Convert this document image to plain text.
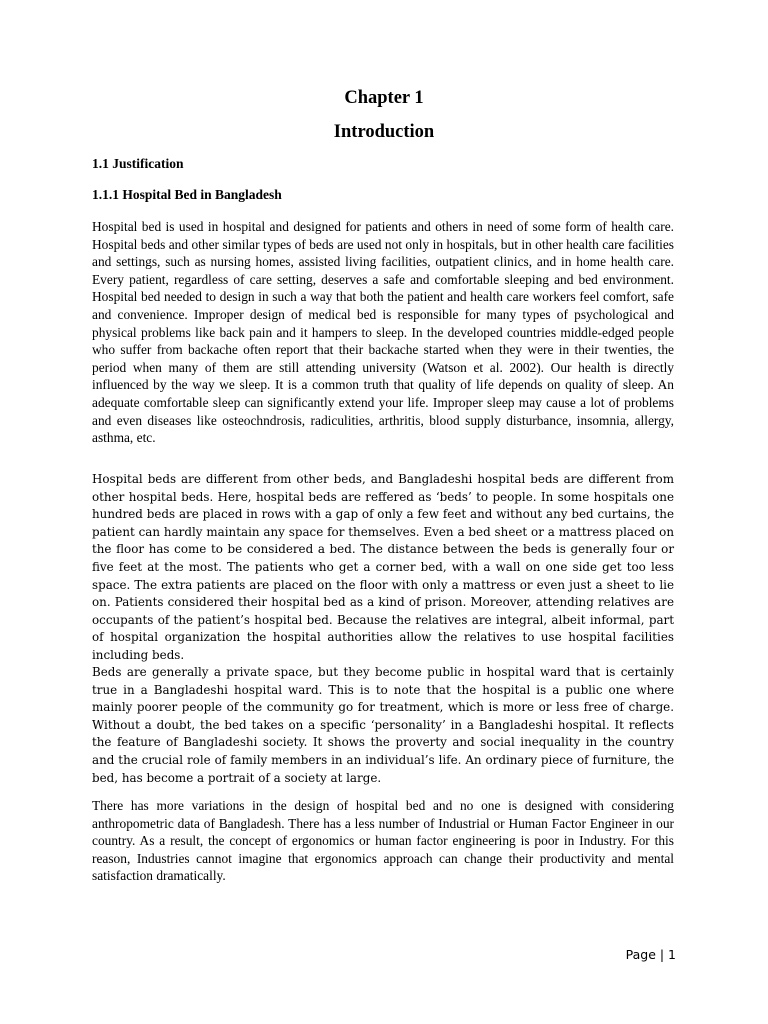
Chapter 1
Introduction
1.1 Justification
1.1.1 Hospital Bed in Bangladesh

Hospital bed is used in hospital and designed for patients and others in need of some form of health care. Hospital beds and other similar types of beds are used not only in hospitals, but in other health care facilities and settings, such as nursing homes, assisted living facilities, outpatient clinics, and in home health care. Every patient, regardless of care setting, deserves a safe and comfortable sleeping and bed environment. Hospital bed needed to design in such a way that both the patient and health care workers feel comfort, safe and convenience. Improper design of medical bed is responsible for many types of psychological and physical problems like back pain and it hampers to sleep. In the developed countries middle-edged people who suffer from backache often report that their backache started when they were in their twenties, the period when many of them are still attending university (Watson et al. 2002). Our health is directly influenced by the way we sleep. It is a common truth that quality of life depends on quality of sleep. An adequate comfortable sleep can significantly extend your life. Improper sleep may cause a lot of problems and even diseases like osteochndrosis, radiculities, arthritis, blood supply disturbance, insomnia, allergy, asthma, etc.

Hospital beds are different from other beds, and Bangladeshi hospital beds are different from other hospital beds. Here, hospital beds are reffered as ‘beds’ to people. In some hospitals one hundred beds are placed in rows with a gap of only a few feet and without any bed curtains, the patient can hardly maintain any space for themselves. Even a bed sheet or a mattress placed on the floor has come to be considered a bed. The distance between the beds is generally four or five feet at the most. The patients who get a corner bed, with a wall on one side get too less space. The extra patients are placed on the floor with only a mattress or even just a sheet to lie on. Patients considered their hospital bed as a kind of prison. Moreover, attending relatives are occupants of the patient’s hospital bed. Because the relatives are integral, albeit informal, part of hospital organization the hospital authorities allow the relatives to use hospital facilities including beds.

Beds are generally a private space, but they become public in hospital ward that is certainly true in a Bangladeshi hospital ward. This is to note that the hospital is a public one where mainly poorer people of the community go for treatment, which is more or less free of charge. Without a doubt, the bed takes on a specific ‘personality’ in a Bangladeshi hospital. It reflects the feature of Bangladeshi society. It shows the proverty and social inequality in the country and the crucial role of family members in an individual’s life. An ordinary piece of furniture, the bed, has become a portrait of a society at large.

There has more variations in the design of hospital bed and no one is designed with considering anthropometric data of Bangladesh. There has a less number of Industrial or Human Factor Engineer in our country. As a result, the concept of ergonomics or human factor engineering is poor in Industry. For this reason, Industries cannot imagine that ergonomics approach can change their productivity and mental satisfaction dramatically.

Page | 1
